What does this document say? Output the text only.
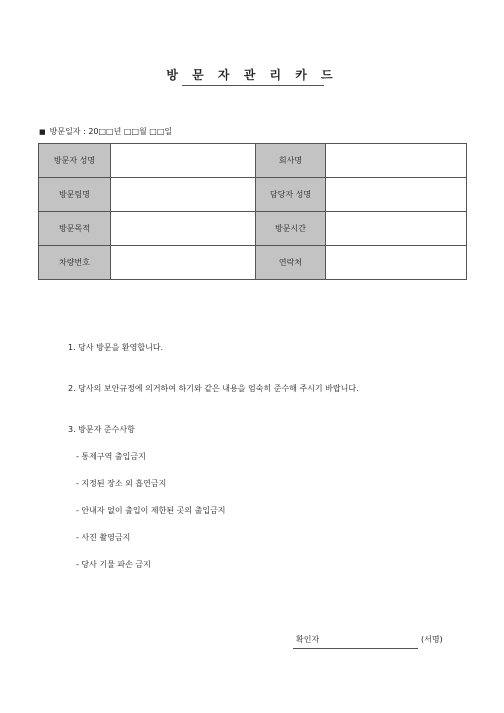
방 문 자 관 리 카 드
■ 방문일자 : 20□□년 □□월 □□일
방문자 성명		회사명	
방문팀명		담당자 성명	
방문목적		방문시간	
차량번호		연락처	
1. 당사 방문을 환영합니다.
2. 당사의 보안규정에 의거하여 하기와 같은 내용을 엄숙히 준수해 주시기 바랍니다.
3. 방문자 준수사항
- 통제구역 출입금지
- 지정된 장소 외 흡연금지
- 안내자 없이 출입이 제한된 곳의 출입금지
- 사진 촬영금지
- 당사 기물 파손 금지
확인자	(서명)
